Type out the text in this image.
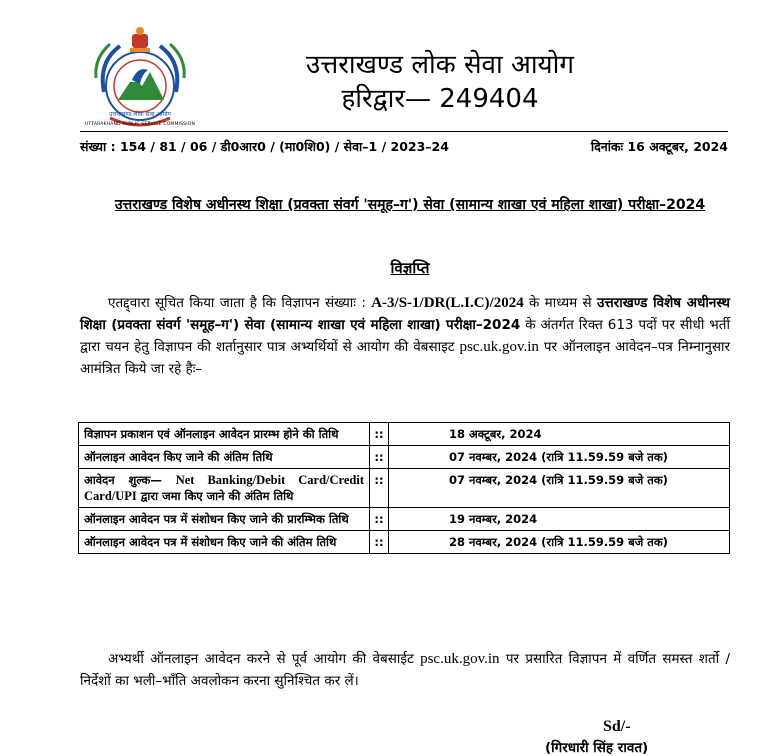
उत्तराखण्ड लोक सेवा आयोग
UTTARAKHAND PUBLIC SERVICE COMMISSION
उत्तराखण्ड लोक सेवा आयोग
हरिद्वार— 249404
संख्या : 154 / 81 / 06 / डी0आर0 / (मा0शि0) / सेवा–1 / 2023–24	दिनांकः 16 अक्टूबर, 2024
उत्तराखण्ड विशेष अधीनस्थ शिक्षा (प्रवक्ता संवर्ग 'समूह–ग') सेवा (सामान्य शाखा एवं महिला शाखा) परीक्षा–2024
विज्ञप्ति
एतद्द्वारा सूचित किया जाता है कि विज्ञापन संख्याः : A-3/S-1/DR(L.I.C)/2024 के माध्यम से उत्तराखण्ड विशेष अधीनस्थ शिक्षा (प्रवक्ता संवर्ग 'समूह–ग') सेवा (सामान्य शाखा एवं महिला शाखा) परीक्षा–2024 के अंतर्गत रिक्त 613 पदों पर सीधी भर्ती द्वारा चयन हेतु विज्ञापन की शर्तानुसार पात्र अभ्यर्थियों से आयोग की वेबसाइट psc.uk.gov.in पर ऑनलाइन आवेदन–पत्र निम्नानुसार आमंत्रित किये जा रहे हैः–
विज्ञापन प्रकाशन एवं ऑनलाइन आवेदन प्रारम्भ होने की तिथि	::	18 अक्टूबर, 2024
ऑनलाइन आवेदन किए जाने की अंतिम तिथि	::	07 नवम्बर, 2024 (रात्रि 11.59.59 बजे तक)
आवेदन शुल्क— Net Banking/Debit Card/Credit Card/UPI द्वारा जमा किए जाने की अंतिम तिथि	::	07 नवम्बर, 2024 (रात्रि 11.59.59 बजे तक)
ऑनलाइन आवेदन पत्र में संशोधन किए जाने की प्रारम्भिक तिथि	::	19 नवम्बर, 2024
ऑनलाइन आवेदन पत्र में संशोधन किए जाने की अंतिम तिथि	::	28 नवम्बर, 2024 (रात्रि 11.59.59 बजे तक)
अभ्यर्थी ऑनलाइन आवेदन करने से पूर्व आयोग की वेबसाईट psc.uk.gov.in पर प्रसारित विज्ञापन में वर्णित समस्त शर्तो / निर्देशों का भली–भाँति अवलोकन करना सुनिश्चित कर लें।
Sd/-
(गिरधारी सिंह रावत)
